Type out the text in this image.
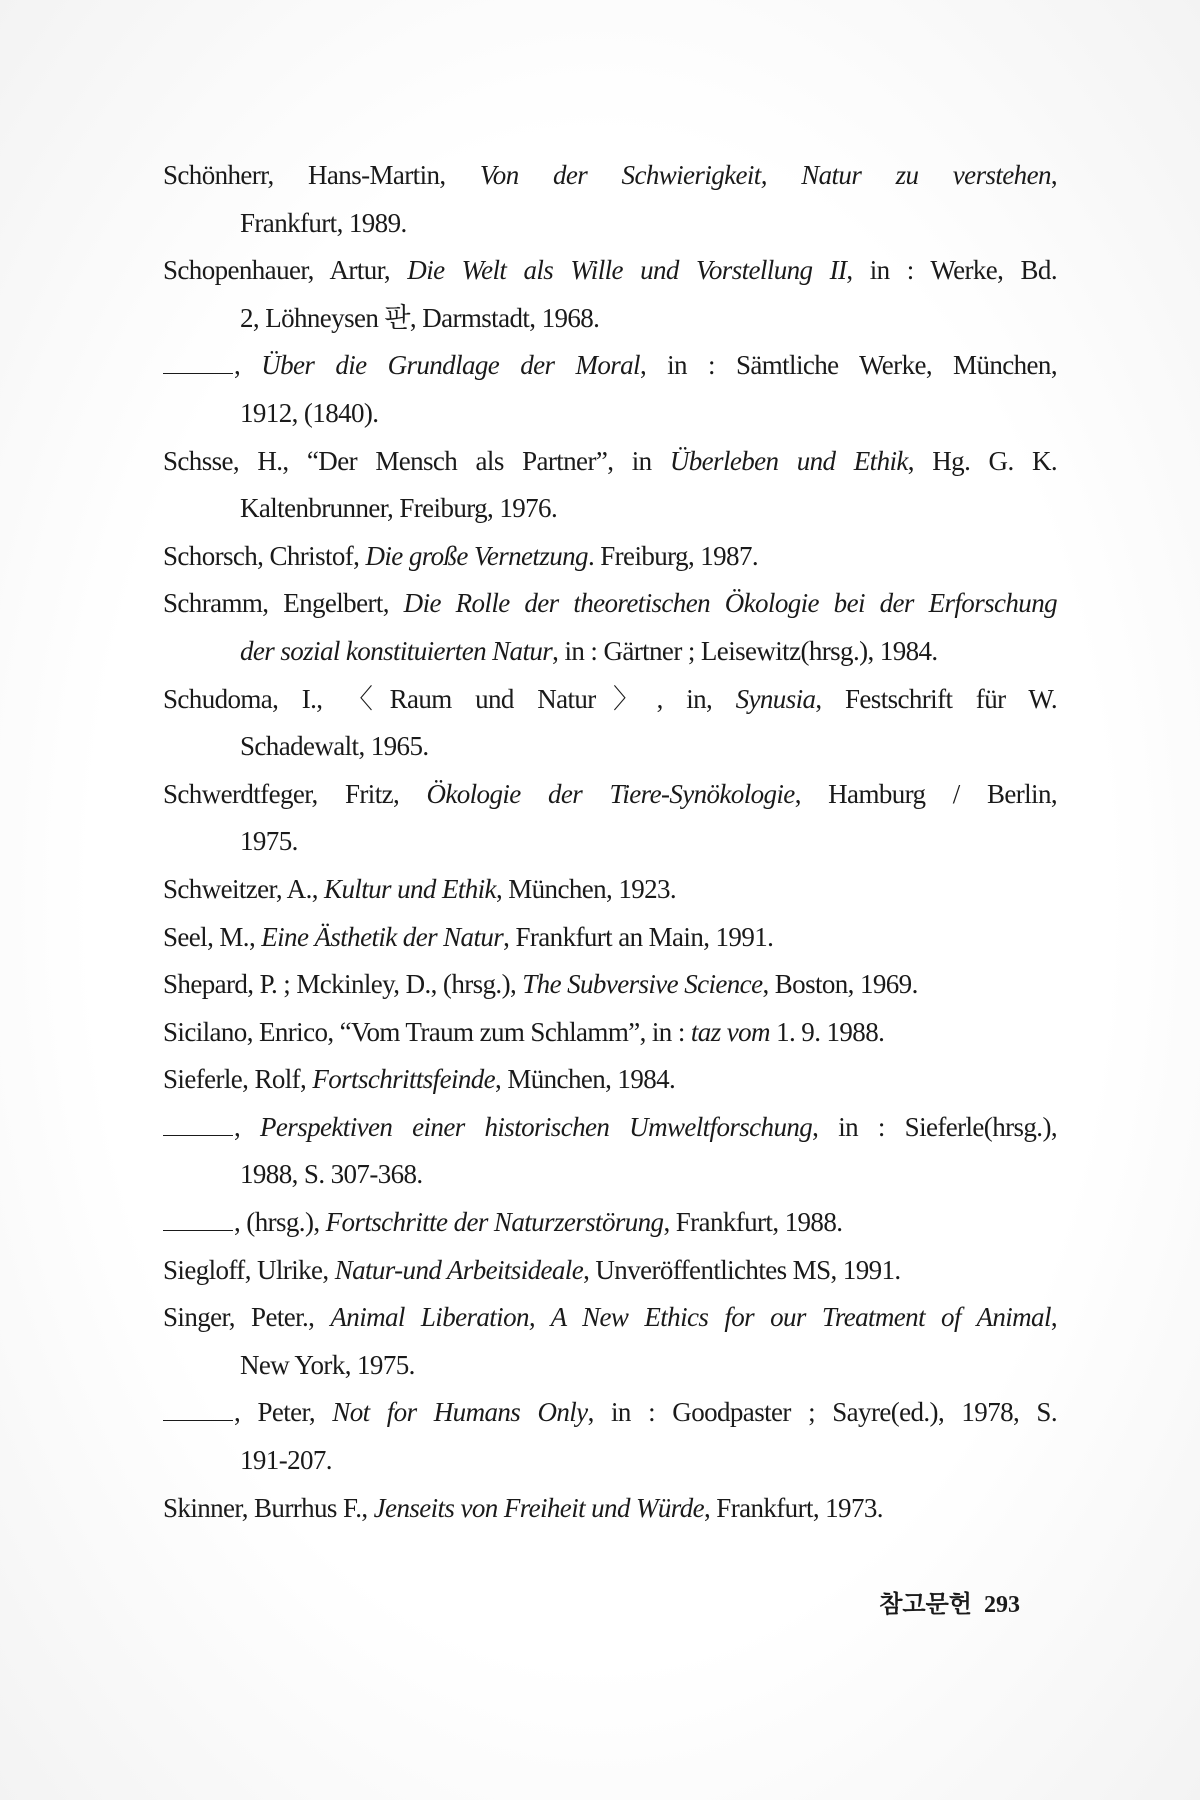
Schönherr, Hans-Martin, Von der Schwierigkeit, Natur zu verstehen,
Frankfurt, 1989.
Schopenhauer, Artur, Die Welt als Wille und Vorstellung II, in : Werke, Bd.
2, Löhneysen 판, Darmstadt, 1968.
, Über die Grundlage der Moral, in : Sämtliche Werke, München,
1912, (1840).
Schsse, H., “Der Mensch als Partner”, in Überleben und Ethik, Hg. G. K.
Kaltenbrunner, Freiburg, 1976.
Schorsch, Christof, Die große Vernetzung. Freiburg, 1987.
Schramm, Engelbert, Die Rolle der theoretischen Ökologie bei der Erforschung
der sozial konstituierten Natur, in : Gärtner ; Leisewitz(hrsg.), 1984.
Schudoma, I., 〈Raum und Natur〉, in, Synusia, Festschrift für W.
Schadewalt, 1965.
Schwerdtfeger, Fritz, Ökologie der Tiere-Synökologie, Hamburg / Berlin,
1975.
Schweitzer, A., Kultur und Ethik, München, 1923.
Seel, M., Eine Ästhetik der Natur, Frankfurt an Main, 1991.
Shepard, P. ; Mckinley, D., (hrsg.), The Subversive Science, Boston, 1969.
Sicilano, Enrico, “Vom Traum zum Schlamm”, in : taz vom 1. 9. 1988.
Sieferle, Rolf, Fortschrittsfeinde, München, 1984.
, Perspektiven einer historischen Umweltforschung, in : Sieferle(hrsg.),
1988, S. 307-368.
, (hrsg.), Fortschritte der Naturzerstörung, Frankfurt, 1988.
Siegloff, Ulrike, Natur-und Arbeitsideale, Unveröffentlichtes MS, 1991.
Singer, Peter., Animal Liberation, A New Ethics for our Treatment of Animal,
New York, 1975.
, Peter, Not for Humans Only, in : Goodpaster ; Sayre(ed.), 1978, S.
191-207.
Skinner, Burrhus F., Jenseits von Freiheit und Würde, Frankfurt, 1973.
참고문헌 293
